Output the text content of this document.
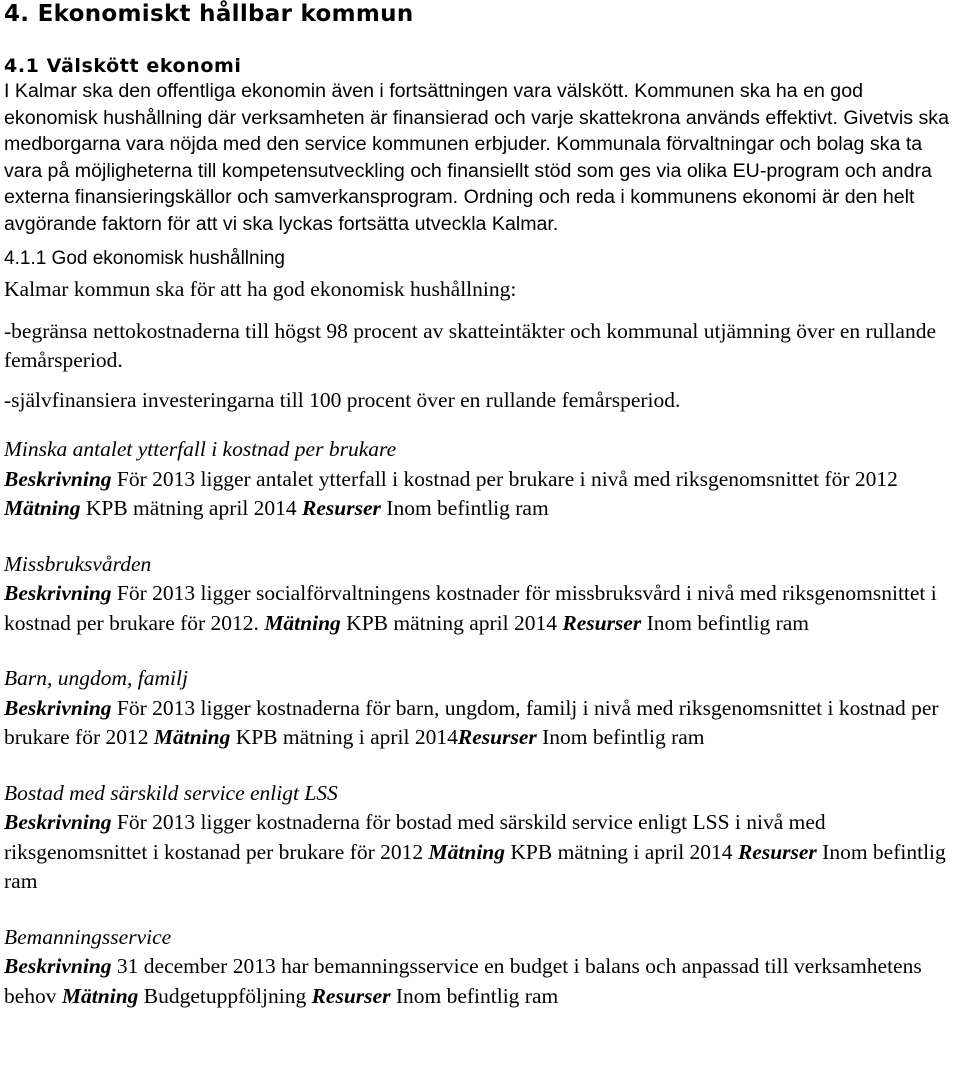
4. Ekonomiskt hållbar kommun
4.1 Välskött ekonomi

I Kalmar ska den offentliga ekonomin även i fortsättningen vara välskött. Kommunen ska ha en god ekonomisk hushållning där verksamheten är finansierad och varje skattekrona används effektivt. Givetvis ska medborgarna vara nöjda med den service kommunen erbjuder. Kommunala förvaltningar och bolag ska ta vara på möjligheterna till kompetensutveckling och finansiellt stöd som ges via olika EU-program och andra externa finansieringskällor och samverkansprogram. Ordning och reda i kommunens ekonomi är den helt avgörande faktorn för att vi ska lyckas fortsätta utveckla Kalmar.

4.1.1 God ekonomisk hushållning

Kalmar kommun ska för att ha god ekonomisk hushållning:

-begränsa nettokostnaderna till högst 98 procent av skatteintäkter och kommunal utjämning över en rullande femårsperiod.

-självfinansiera investeringarna till 100 procent över en rullande femårsperiod.

Minska antalet ytterfall i kostnad per brukare

Beskrivning För 2013 ligger antalet ytterfall i kostnad per brukare i nivå med riksgenomsnittet för 2012 Mätning KPB mätning april 2014 Resurser Inom befintlig ram

Missbruksvården

Beskrivning För 2013 ligger socialförvaltningens kostnader för missbruksvård i nivå med riksgenomsnittet i kostnad per brukare för 2012. Mätning KPB mätning april 2014 Resurser Inom befintlig ram

Barn, ungdom, familj

Beskrivning För 2013 ligger kostnaderna för barn, ungdom, familj i nivå med riksgenomsnittet i kostnad per brukare för 2012 Mätning KPB mätning i april 2014Resurser Inom befintlig ram

Bostad med särskild service enligt LSS

Beskrivning För 2013 ligger kostnaderna för bostad med särskild service enligt LSS i nivå med riksgenomsnittet i kostanad per brukare för 2012 Mätning KPB mätning i april 2014 Resurser Inom befintlig ram

Bemanningsservice

Beskrivning 31 december 2013 har bemanningsservice en budget i balans och anpassad till verksamhetens behov Mätning Budgetuppföljning Resurser Inom befintlig ram
